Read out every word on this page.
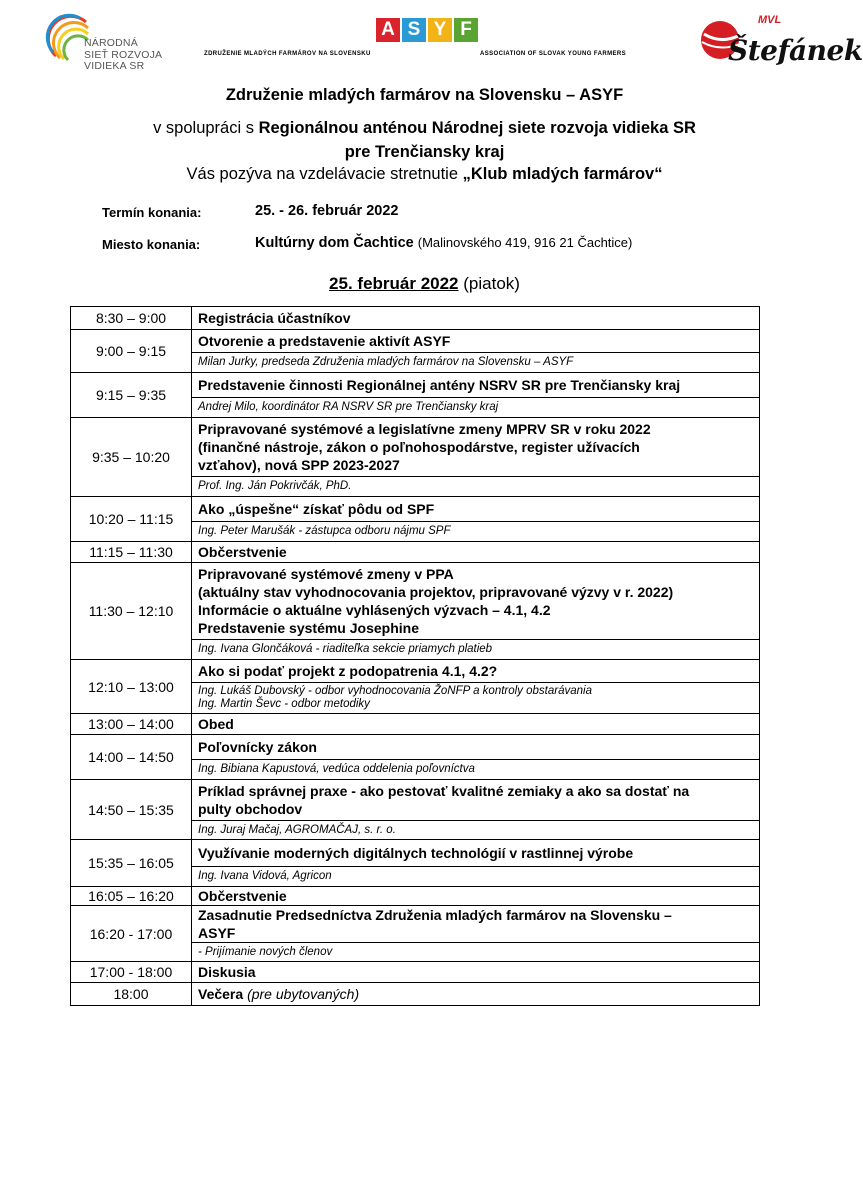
NÁRODNÁ
SIEŤ ROZVOJA
VIDIEKA SR
A S Y F
ZDRUŽENIE MLADÝCH FARMÁROV NA SLOVENSKU	ASSOCIATION OF SLOVAK YOUNG FARMERS
MVL
Štefánek
Združenie mladých farmárov na Slovensku – ASYF
v spolupráci s Regionálnou anténou Národnej siete rozvoja vidieka SR
pre Trenčiansky kraj
Vás pozýva na vzdelávacie stretnutie „Klub mladých farmárov“
Termín konania:	25. - 26. február 2022
Miesto konania:	Kultúrny dom Čachtice (Malinovského 419, 916 21 Čachtice)
25. február 2022 (piatok)
8:30 – 9:00	Registrácia účastníkov

9:00 – 9:15	Otvorenie a predstavenie aktivít ASYF

	Milan Jurky, predseda Združenia mladých farmárov na Slovensku – ASYF

9:15 – 9:35	Predstavenie činnosti Regionálnej antény NSRV SR pre Trenčiansky kraj

	Andrej Milo, koordinátor RA NSRV SR pre Trenčiansky kraj

9:35 – 10:20	Pripravované systémové a legislatívne zmeny MPRV SR v roku 2022
(finančné nástroje, zákon o poľnohospodárstve, register užívacích
vzťahov), nová SPP 2023-2027

	Prof. Ing. Ján Pokrivčák, PhD.

10:20 – 11:15	Ako „úspešne“ získať pôdu od SPF

	Ing. Peter Marušák - zástupca odboru nájmu SPF

11:15 – 11:30	Občerstvenie

11:30 – 12:10	Pripravované systémové zmeny v PPA
(aktuálny stav vyhodnocovania projektov, pripravované výzvy v r. 2022)
Informácie o aktuálne vyhlásených výzvach – 4.1, 4.2
Predstavenie systému Josephine

	Ing. Ivana Glončáková - riaditeľka sekcie priamych platieb

12:10 – 13:00	Ako si podať projekt z podopatrenia 4.1, 4.2?

	Ing. Lukáš Dubovský - odbor vyhodnocovania ŽoNFP a kontroly obstarávania
Ing. Martin Ševc - odbor metodiky

13:00 – 14:00	Obed

14:00 – 14:50	Poľovnícky zákon

	Ing. Bibiana Kapustová, vedúca oddelenia poľovníctva

14:50 – 15:35	Príklad správnej praxe - ako pestovať kvalitné zemiaky a ako sa dostať na
pulty obchodov

	Ing. Juraj Mačaj, AGROMAČAJ, s. r. o.

15:35 – 16:05	Využívanie moderných digitálnych technológií v rastlinnej výrobe

	Ing. Ivana Vidová, Agricon

16:05 – 16:20	Občerstvenie

16:20 - 17:00	Zasadnutie Predsedníctva Združenia mladých farmárov na Slovensku –
ASYF

	- Prijímanie nových členov

17:00 - 18:00	Diskusia

18:00	Večera (pre ubytovaných)
